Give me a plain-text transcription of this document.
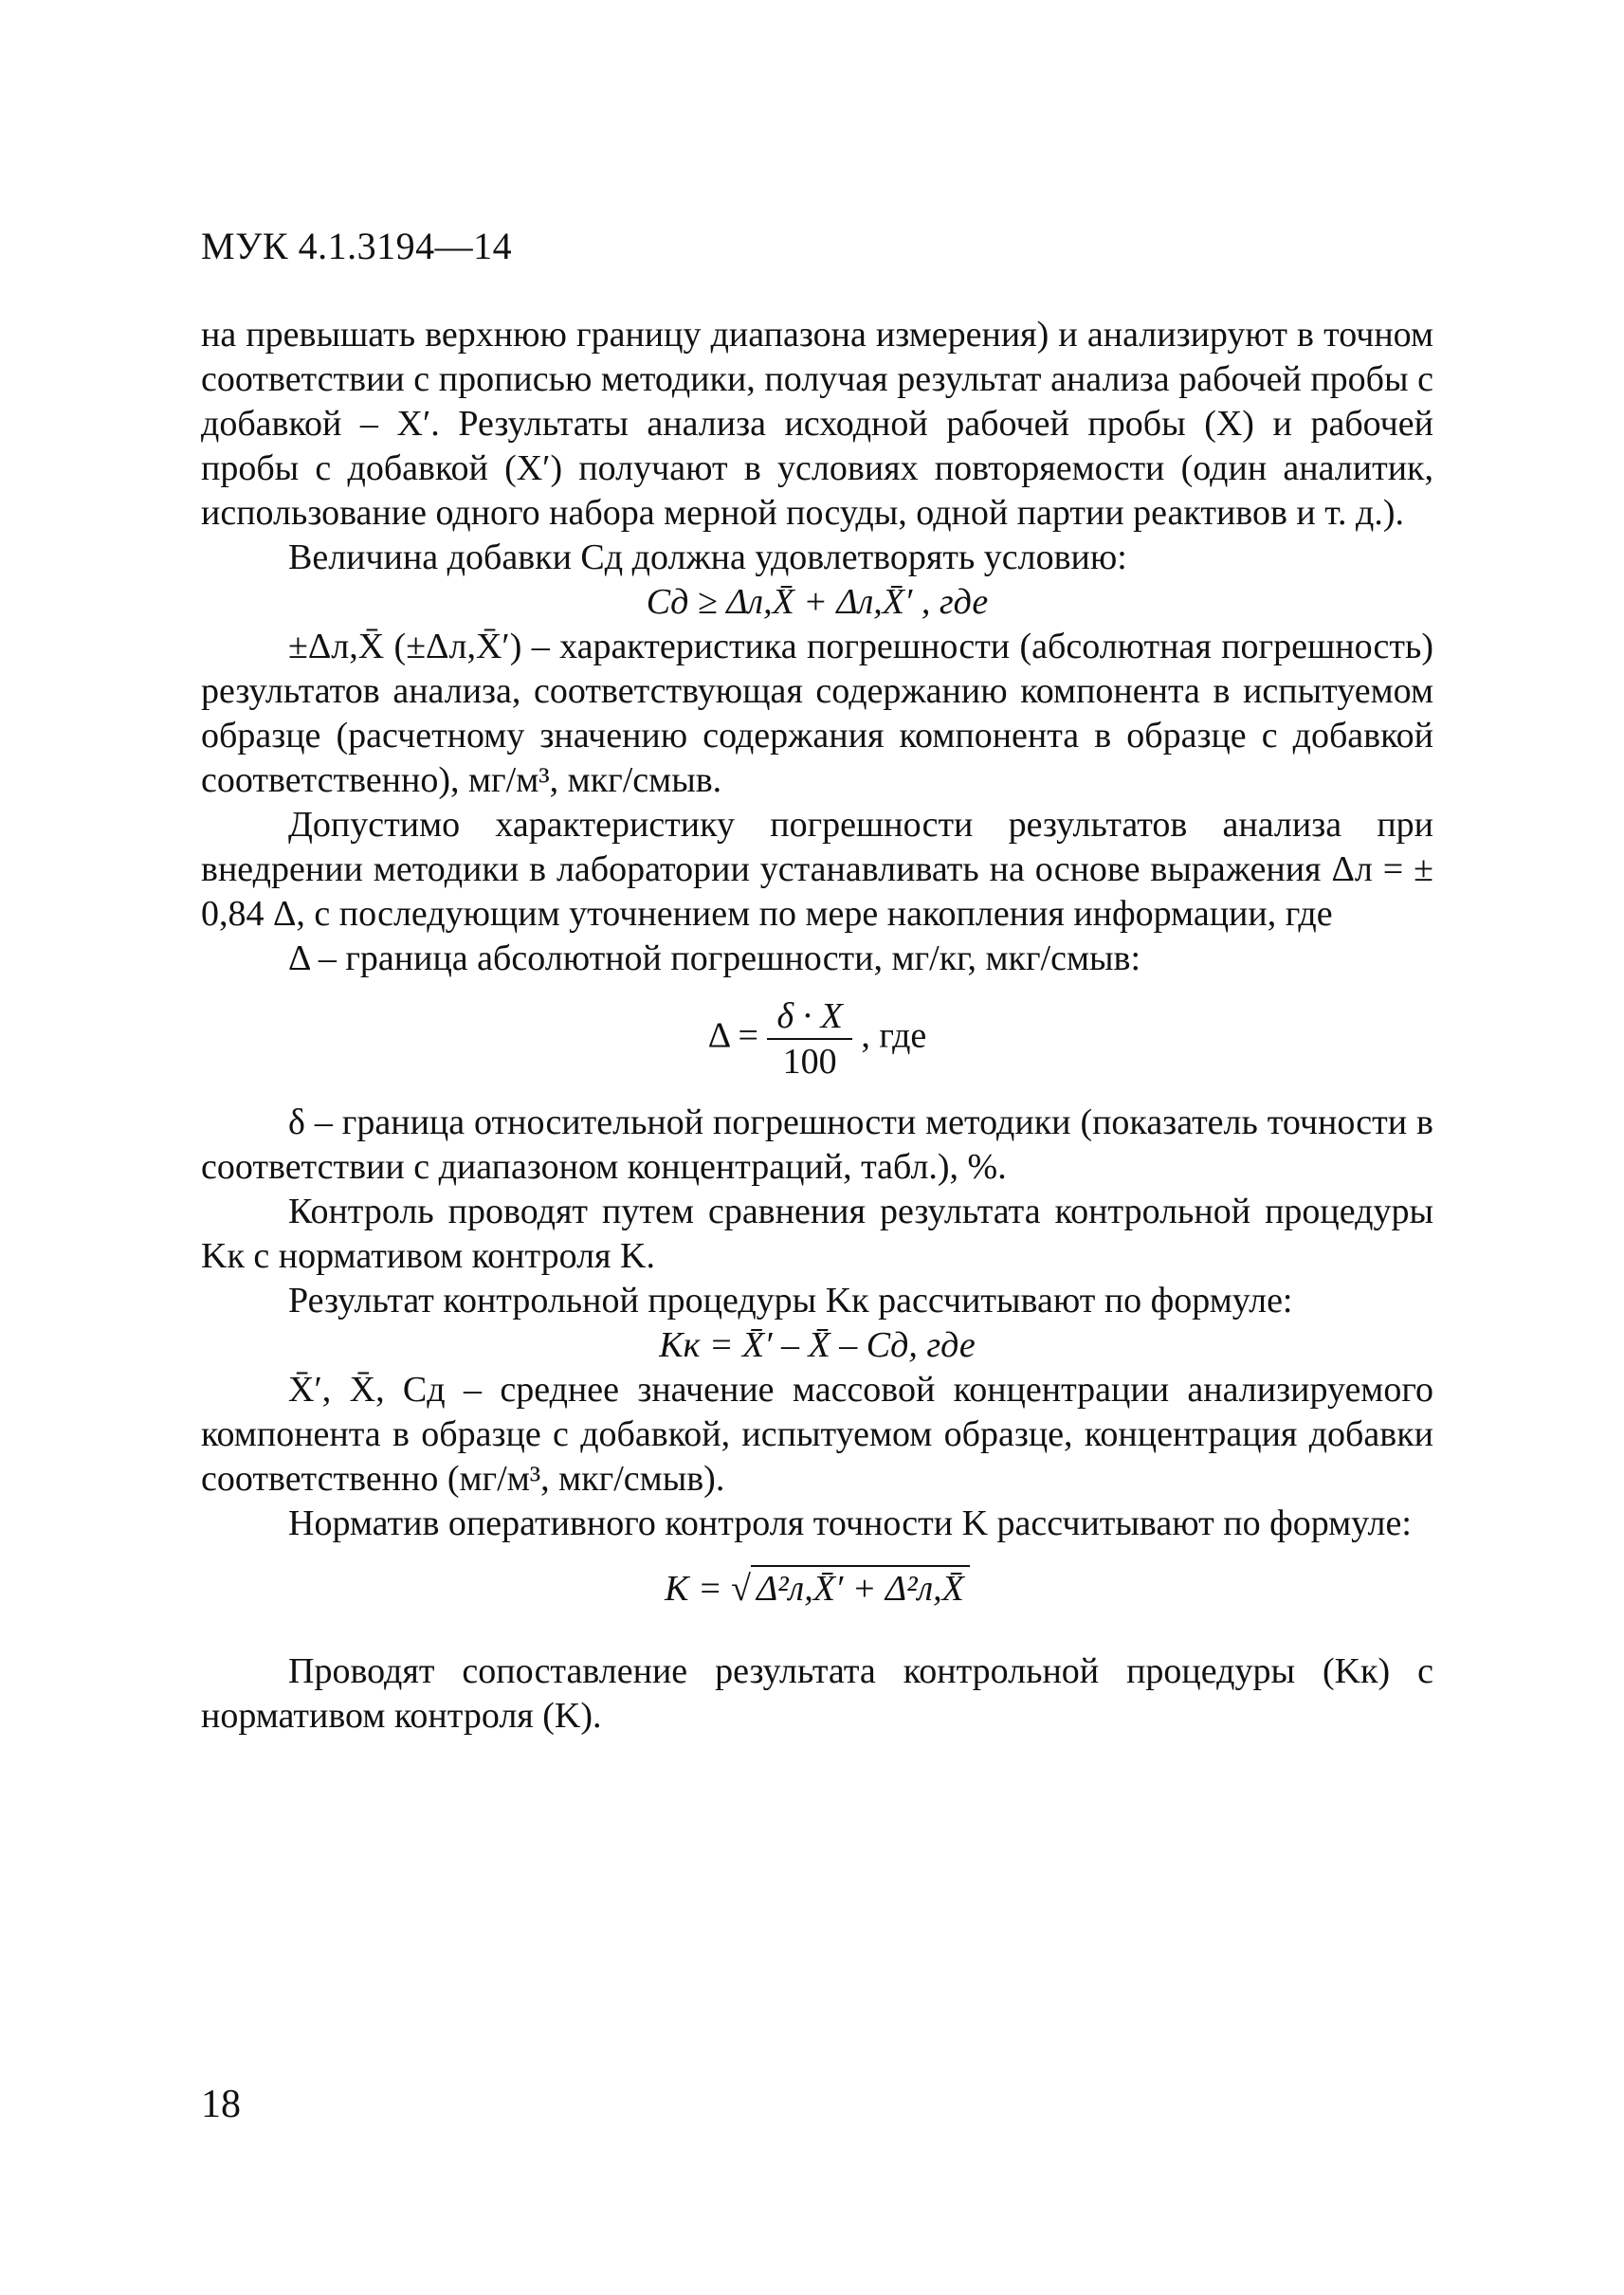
МУК 4.1.3194—14

на превышать верхнюю границу диапазона измерения) и анализируют в точном соответствии с прописью методики, получая результат анализа рабочей пробы с добавкой – X′. Результаты анализа исходной рабочей пробы (X) и рабочей пробы с добавкой (X′) получают в условиях повторяемости (один аналитик, использование одного набора мерной посуды, одной партии реактивов и т. д.).

Величина добавки Cд должна удовлетворять условию:

Cд ≥ Δл,X̄ + Δл,X̄′ , где

±Δл,X̄ (±Δл,X̄′) – характеристика погрешности (абсолютная погрешность) результатов анализа, соответствующая содержанию компонента в испытуемом образце (расчетному значению содержания компонента в образце с добавкой соответственно), мг/м³, мкг/смыв.

Допустимо характеристику погрешности результатов анализа при внедрении методики в лаборатории устанавливать на основе выражения Δл = ± 0,84 Δ, с последующим уточнением по мере накопления информации, где

Δ – граница абсолютной погрешности, мг/кг, мкг/смыв:

$\Delta = \frac{\delta \cdot X}{100}$ , где

δ – граница относительной погрешности методики (показатель точности в соответствии с диапазоном концентраций, табл.), %.

Контроль проводят путем сравнения результата контрольной процедуры Kк с нормативом контроля K.

Результат контрольной процедуры Kк рассчитывают по формуле:

Kк = X̄′ – X̄ – Cд, где

X̄′, X̄, Cд – среднее значение массовой концентрации анализируемого компонента в образце с добавкой, испытуемом образце, концентрация добавки соответственно (мг/м³, мкг/смыв).

Норматив оперативного контроля точности K рассчитывают по формуле:

K = √ Δ²л,X̄′ + Δ²л,X̄

Проводят сопоставление результата контрольной процедуры (Kк) с нормативом контроля (K).

18
